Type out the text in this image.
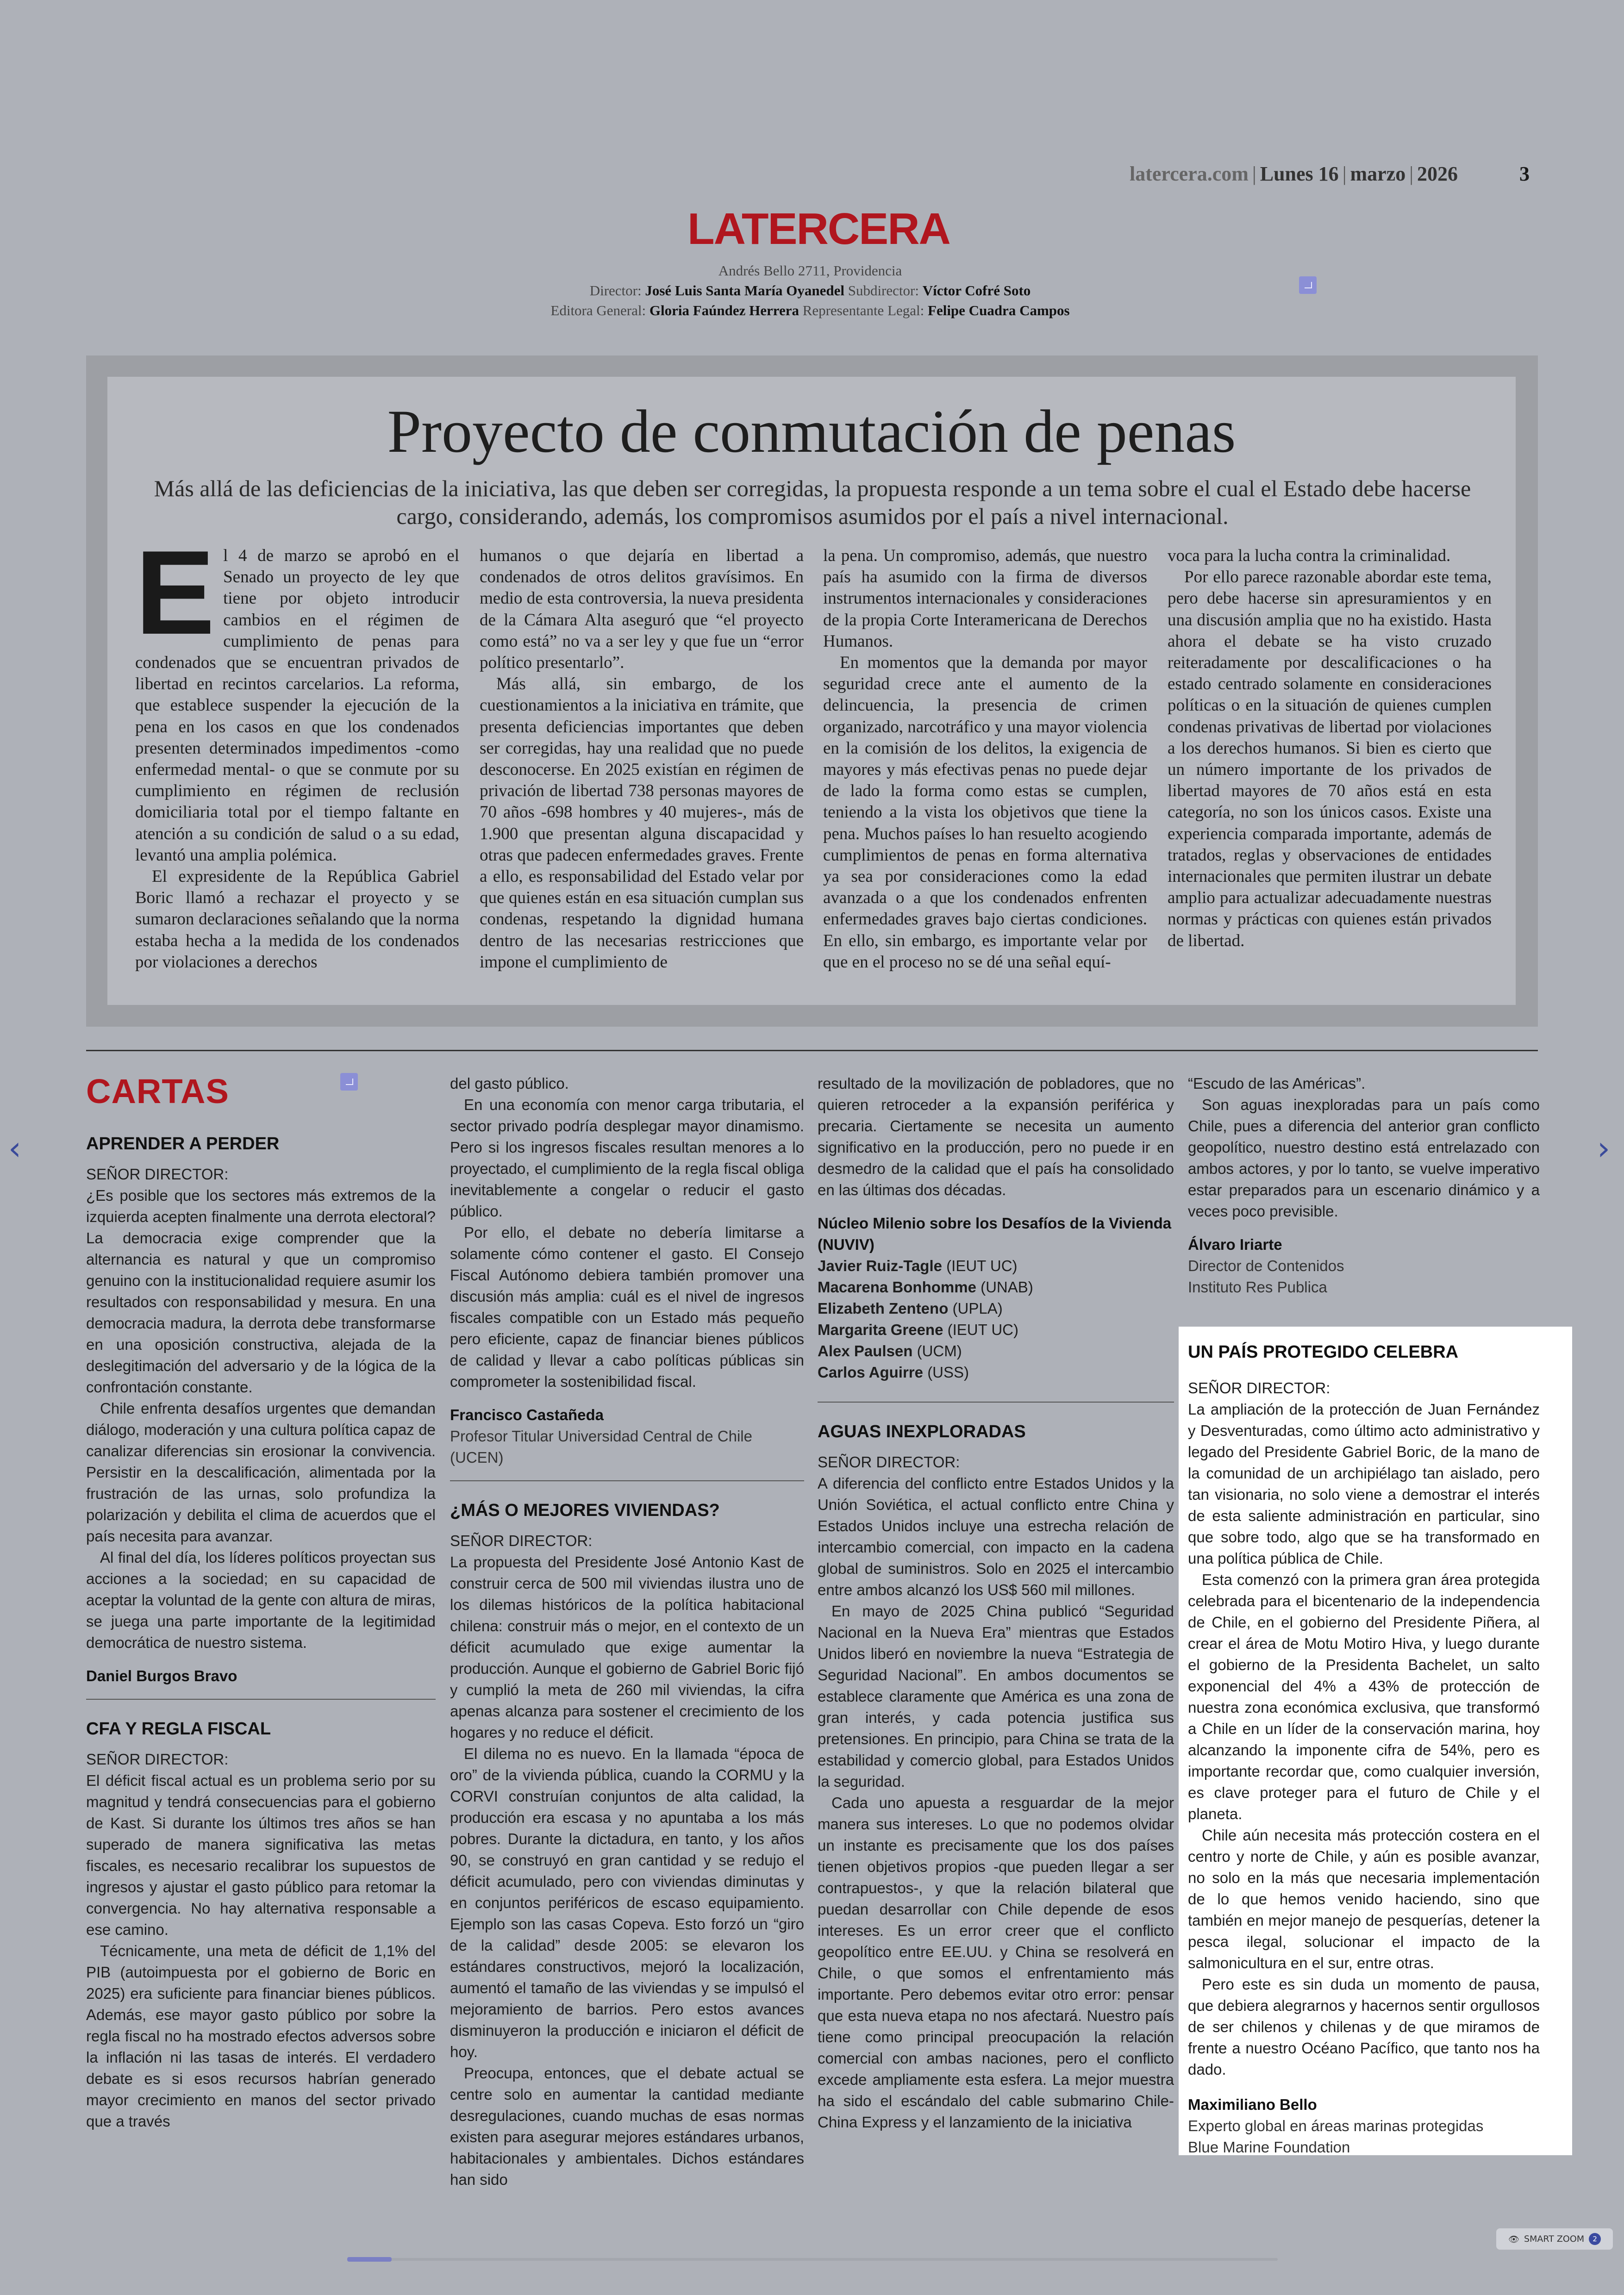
latercera.com | Lunes 16 | marzo | 2026	3
LATERCERA
Andrés Bello 2711, Providencia
Director: José Luis Santa María Oyanedel Subdirector: Víctor Cofré Soto
Editora General: Gloria Faúndez Herrera Representante Legal: Felipe Cuadra Campos
Proyecto de conmutación de penas
Más allá de las deficiencias de la iniciativa, las que deben ser corregidas, la propuesta responde a un tema sobre el cual el Estado debe hacerse cargo, considerando, además, los compromisos asumidos por el país a nivel internacional.
E l 4 de marzo se aprobó en el Senado un proyecto de ley que tiene por objeto introducir cambios en el régimen de cumplimiento de penas para condenados que se encuentran privados de libertad en recintos carcelarios. La reforma, que establece suspender la ejecución de la pena en los casos en que los condenados presenten determinados impedimentos -como enfermedad mental- o que se conmute por su cumplimiento en régimen de reclusión domiciliaria total por el tiempo faltante en atención a su condición de salud o a su edad, levantó una amplia polémica.

El expresidente de la República Gabriel Boric llamó a rechazar el proyecto y se sumaron declaraciones señalando que la norma estaba hecha a la medida de los condenados por violaciones a derechos

humanos o que dejaría en libertad a condenados de otros delitos gravísimos. En medio de esta controversia, la nueva presidenta de la Cámara Alta aseguró que “el proyecto como está” no va a ser ley y que fue un “error político presentarlo”.

Más allá, sin embargo, de los cuestionamientos a la iniciativa en trámite, que presenta deficiencias importantes que deben ser corregidas, hay una realidad que no puede desconocerse. En 2025 existían en régimen de privación de libertad 738 personas mayores de 70 años -698 hombres y 40 mujeres-, más de 1.900 que presentan alguna discapacidad y otras que padecen enfermedades graves. Frente a ello, es responsabilidad del Estado velar por que quienes están en esa situación cumplan sus condenas, respetando la dignidad humana dentro de las necesarias restricciones que impone el cumplimiento de

la pena. Un compromiso, además, que nuestro país ha asumido con la firma de diversos instrumentos internacionales y consideraciones de la propia Corte Interamericana de Derechos Humanos.

En momentos que la demanda por mayor seguridad crece ante el aumento de la delincuencia, la presencia de crimen organizado, narcotráfico y una mayor violencia en la comisión de los delitos, la exigencia de mayores y más efectivas penas no puede dejar de lado la forma como estas se cumplen, teniendo a la vista los objetivos que tiene la pena. Muchos países lo han resuelto acogiendo cumplimientos de penas en forma alternativa ya sea por consideraciones como la edad avanzada o a que los condenados enfrenten enfermedades graves bajo ciertas condiciones. En ello, sin embargo, es importante velar por que en el proceso no se dé una señal equí-

voca para la lucha contra la criminalidad.

Por ello parece razonable abordar este tema, pero debe hacerse sin apresuramientos y en una discusión amplia que no ha existido. Hasta ahora el debate se ha visto cruzado reiteradamente por descalificaciones o ha estado centrado solamente en consideraciones políticas o en la situación de quienes cumplen condenas privativas de libertad por violaciones a los derechos humanos. Si bien es cierto que un número importante de los privados de libertad mayores de 70 años está en esta categoría, no son los únicos casos. Existe una experiencia comparada importante, además de tratados, reglas y observaciones de entidades internacionales que permiten ilustrar un debate amplio para actualizar adecuadamente nuestras normas y prácticas con quienes están privados de libertad.

CARTAS
APRENDER A PERDER

SEÑOR DIRECTOR:

¿Es posible que los sectores más extremos de la izquierda acepten finalmente una derrota electoral? La democracia exige comprender que la alternancia es natural y que un compromiso genuino con la institucionalidad requiere asumir los resultados con responsabilidad y mesura. En una democracia madura, la derrota debe transformarse en una oposición constructiva, alejada de la deslegitimación del adversario y de la lógica de la confrontación constante.

Chile enfrenta desafíos urgentes que demandan diálogo, moderación y una cultura política capaz de canalizar diferencias sin erosionar la convivencia. Persistir en la descalificación, alimentada por la frustración de las urnas, solo profundiza la polarización y debilita el clima de acuerdos que el país necesita para avanzar.

Al final del día, los líderes políticos proyectan sus acciones a la sociedad; en su capacidad de aceptar la voluntad de la gente con altura de miras, se juega una parte importante de la legitimidad democrática de nuestro sistema.

Daniel Burgos Bravo

CFA Y REGLA FISCAL

SEÑOR DIRECTOR:

El déficit fiscal actual es un problema serio por su magnitud y tendrá consecuencias para el gobierno de Kast. Si durante los últimos tres años se han superado de manera significativa las metas fiscales, es necesario recalibrar los supuestos de ingresos y ajustar el gasto público para retomar la convergencia. No hay alternativa responsable a ese camino.

Técnicamente, una meta de déficit de 1,1% del PIB (autoimpuesta por el gobierno de Boric en 2025) era suficiente para financiar bienes públicos. Además, ese mayor gasto público por sobre la regla fiscal no ha mostrado efectos adversos sobre la inflación ni las tasas de interés. El verdadero debate es si esos recursos habrían generado mayor crecimiento en manos del sector privado que a través

del gasto público.

En una economía con menor carga tributaria, el sector privado podría desplegar mayor dinamismo. Pero si los ingresos fiscales resultan menores a lo proyectado, el cumplimiento de la regla fiscal obliga inevitablemente a congelar o reducir el gasto público.

Por ello, el debate no debería limitarse a solamente cómo contener el gasto. El Consejo Fiscal Autónomo debiera también promover una discusión más amplia: cuál es el nivel de ingresos fiscales compatible con un Estado más pequeño pero eficiente, capaz de financiar bienes públicos de calidad y llevar a cabo políticas públicas sin comprometer la sostenibilidad fiscal.

Francisco Castañeda

Profesor Titular Universidad Central de Chile (UCEN)

¿MÁS O MEJORES VIVIENDAS?

SEÑOR DIRECTOR:

La propuesta del Presidente José Antonio Kast de construir cerca de 500 mil viviendas ilustra uno de los dilemas históricos de la política habitacional chilena: construir más o mejor, en el contexto de un déficit acumulado que exige aumentar la producción. Aunque el gobierno de Gabriel Boric fijó y cumplió la meta de 260 mil viviendas, la cifra apenas alcanza para sostener el crecimiento de los hogares y no reduce el déficit.

El dilema no es nuevo. En la llamada “época de oro” de la vivienda pública, cuando la CORMU y la CORVI construían conjuntos de alta calidad, la producción era escasa y no apuntaba a los más pobres. Durante la dictadura, en tanto, y los años 90, se construyó en gran cantidad y se redujo el déficit acumulado, pero con viviendas diminutas y en conjuntos periféricos de escaso equipamiento. Ejemplo son las casas Copeva. Esto forzó un “giro de la calidad” desde 2005: se elevaron los estándares constructivos, mejoró la localización, aumentó el tamaño de las viviendas y se impulsó el mejoramiento de barrios. Pero estos avances disminuyeron la producción e iniciaron el déficit de hoy.

Preocupa, entonces, que el debate actual se centre solo en aumentar la cantidad mediante desregulaciones, cuando muchas de esas normas existen para asegurar mejores estándares urbanos, habitacionales y ambientales. Dichos estándares han sido

resultado de la movilización de pobladores, que no quieren retroceder a la expansión periférica y precaria. Ciertamente se necesita un aumento significativo en la producción, pero no puede ir en desmedro de la calidad que el país ha consolidado en las últimas dos décadas.

Núcleo Milenio sobre los Desafíos de la Vivienda (NUVIV)

Javier Ruiz-Tagle (IEUT UC)
Macarena Bonhomme (UNAB)
Elizabeth Zenteno (UPLA)
Margarita Greene (IEUT UC)
Alex Paulsen (UCM)
Carlos Aguirre (USS)
AGUAS INEXPLORADAS

SEÑOR DIRECTOR:

A diferencia del conflicto entre Estados Unidos y la Unión Soviética, el actual conflicto entre China y Estados Unidos incluye una estrecha relación de intercambio comercial, con impacto en la cadena global de suministros. Solo en 2025 el intercambio entre ambos alcanzó los US$ 560 mil millones.

En mayo de 2025 China publicó “Seguridad Nacional en la Nueva Era” mientras que Estados Unidos liberó en noviembre la nueva “Estrategia de Seguridad Nacional”. En ambos documentos se establece claramente que América es una zona de gran interés, y cada potencia justifica sus pretensiones. En principio, para China se trata de la estabilidad y comercio global, para Estados Unidos la seguridad.

Cada uno apuesta a resguardar de la mejor manera sus intereses. Lo que no podemos olvidar un instante es precisamente que los dos países tienen objetivos propios -que pueden llegar a ser contrapuestos-, y que la relación bilateral que puedan desarrollar con Chile depende de esos intereses. Es un error creer que el conflicto geopolítico entre EE.UU. y China se resolverá en Chile, o que somos el enfrentamiento más importante. Pero debemos evitar otro error: pensar que esta nueva etapa no nos afectará. Nuestro país tiene como principal preocupación la relación comercial con ambas naciones, pero el conflicto excede ampliamente esta esfera. La mejor muestra ha sido el escándalo del cable submarino Chile-China Express y el lanzamiento de la iniciativa

“Escudo de las Américas”.

Son aguas inexploradas para un país como Chile, pues a diferencia del anterior gran conflicto geopolítico, nuestro destino está entrelazado con ambos actores, y por lo tanto, se vuelve imperativo estar preparados para un escenario dinámico y a veces poco previsible.

Álvaro Iriarte

Director de Contenidos

Instituto Res Publica

UN PAÍS PROTEGIDO CELEBRA

SEÑOR DIRECTOR:

La ampliación de la protección de Juan Fernández y Desventuradas, como último acto administrativo y legado del Presidente Gabriel Boric, de la mano de la comunidad de un archipiélago tan aislado, pero tan visionaria, no solo viene a demostrar el interés de esta saliente administración en particular, sino que sobre todo, algo que se ha transformado en una política pública de Chile.

Esta comenzó con la primera gran área protegida celebrada para el bicentenario de la independencia de Chile, en el gobierno del Presidente Piñera, al crear el área de Motu Motiro Hiva, y luego durante el gobierno de la Presidenta Bachelet, un salto exponencial del 4% a 43% de protección de nuestra zona económica exclusiva, que transformó a Chile en un líder de la conservación marina, hoy alcanzando la imponente cifra de 54%, pero es importante recordar que, como cualquier inversión, es clave proteger para el futuro de Chile y el planeta.

Chile aún necesita más protección costera en el centro y norte de Chile, y aún es posible avanzar, no solo en la más que necesaria implementación de lo que hemos venido haciendo, sino que también en mejor manejo de pesquerías, detener la pesca ilegal, solucionar el impacto de la salmonicultura en el sur, entre otras.

Pero este es sin duda un momento de pausa, que debiera alegrarnos y hacernos sentir orgullosos de ser chilenos y chilenas y de que miramos de frente a nuestro Océano Pacífico, que tanto nos ha dado.

Maximiliano Bello

Experto global en áreas marinas protegidas

Blue Marine Foundation

‹	›
👁 SMART ZOOM	2
